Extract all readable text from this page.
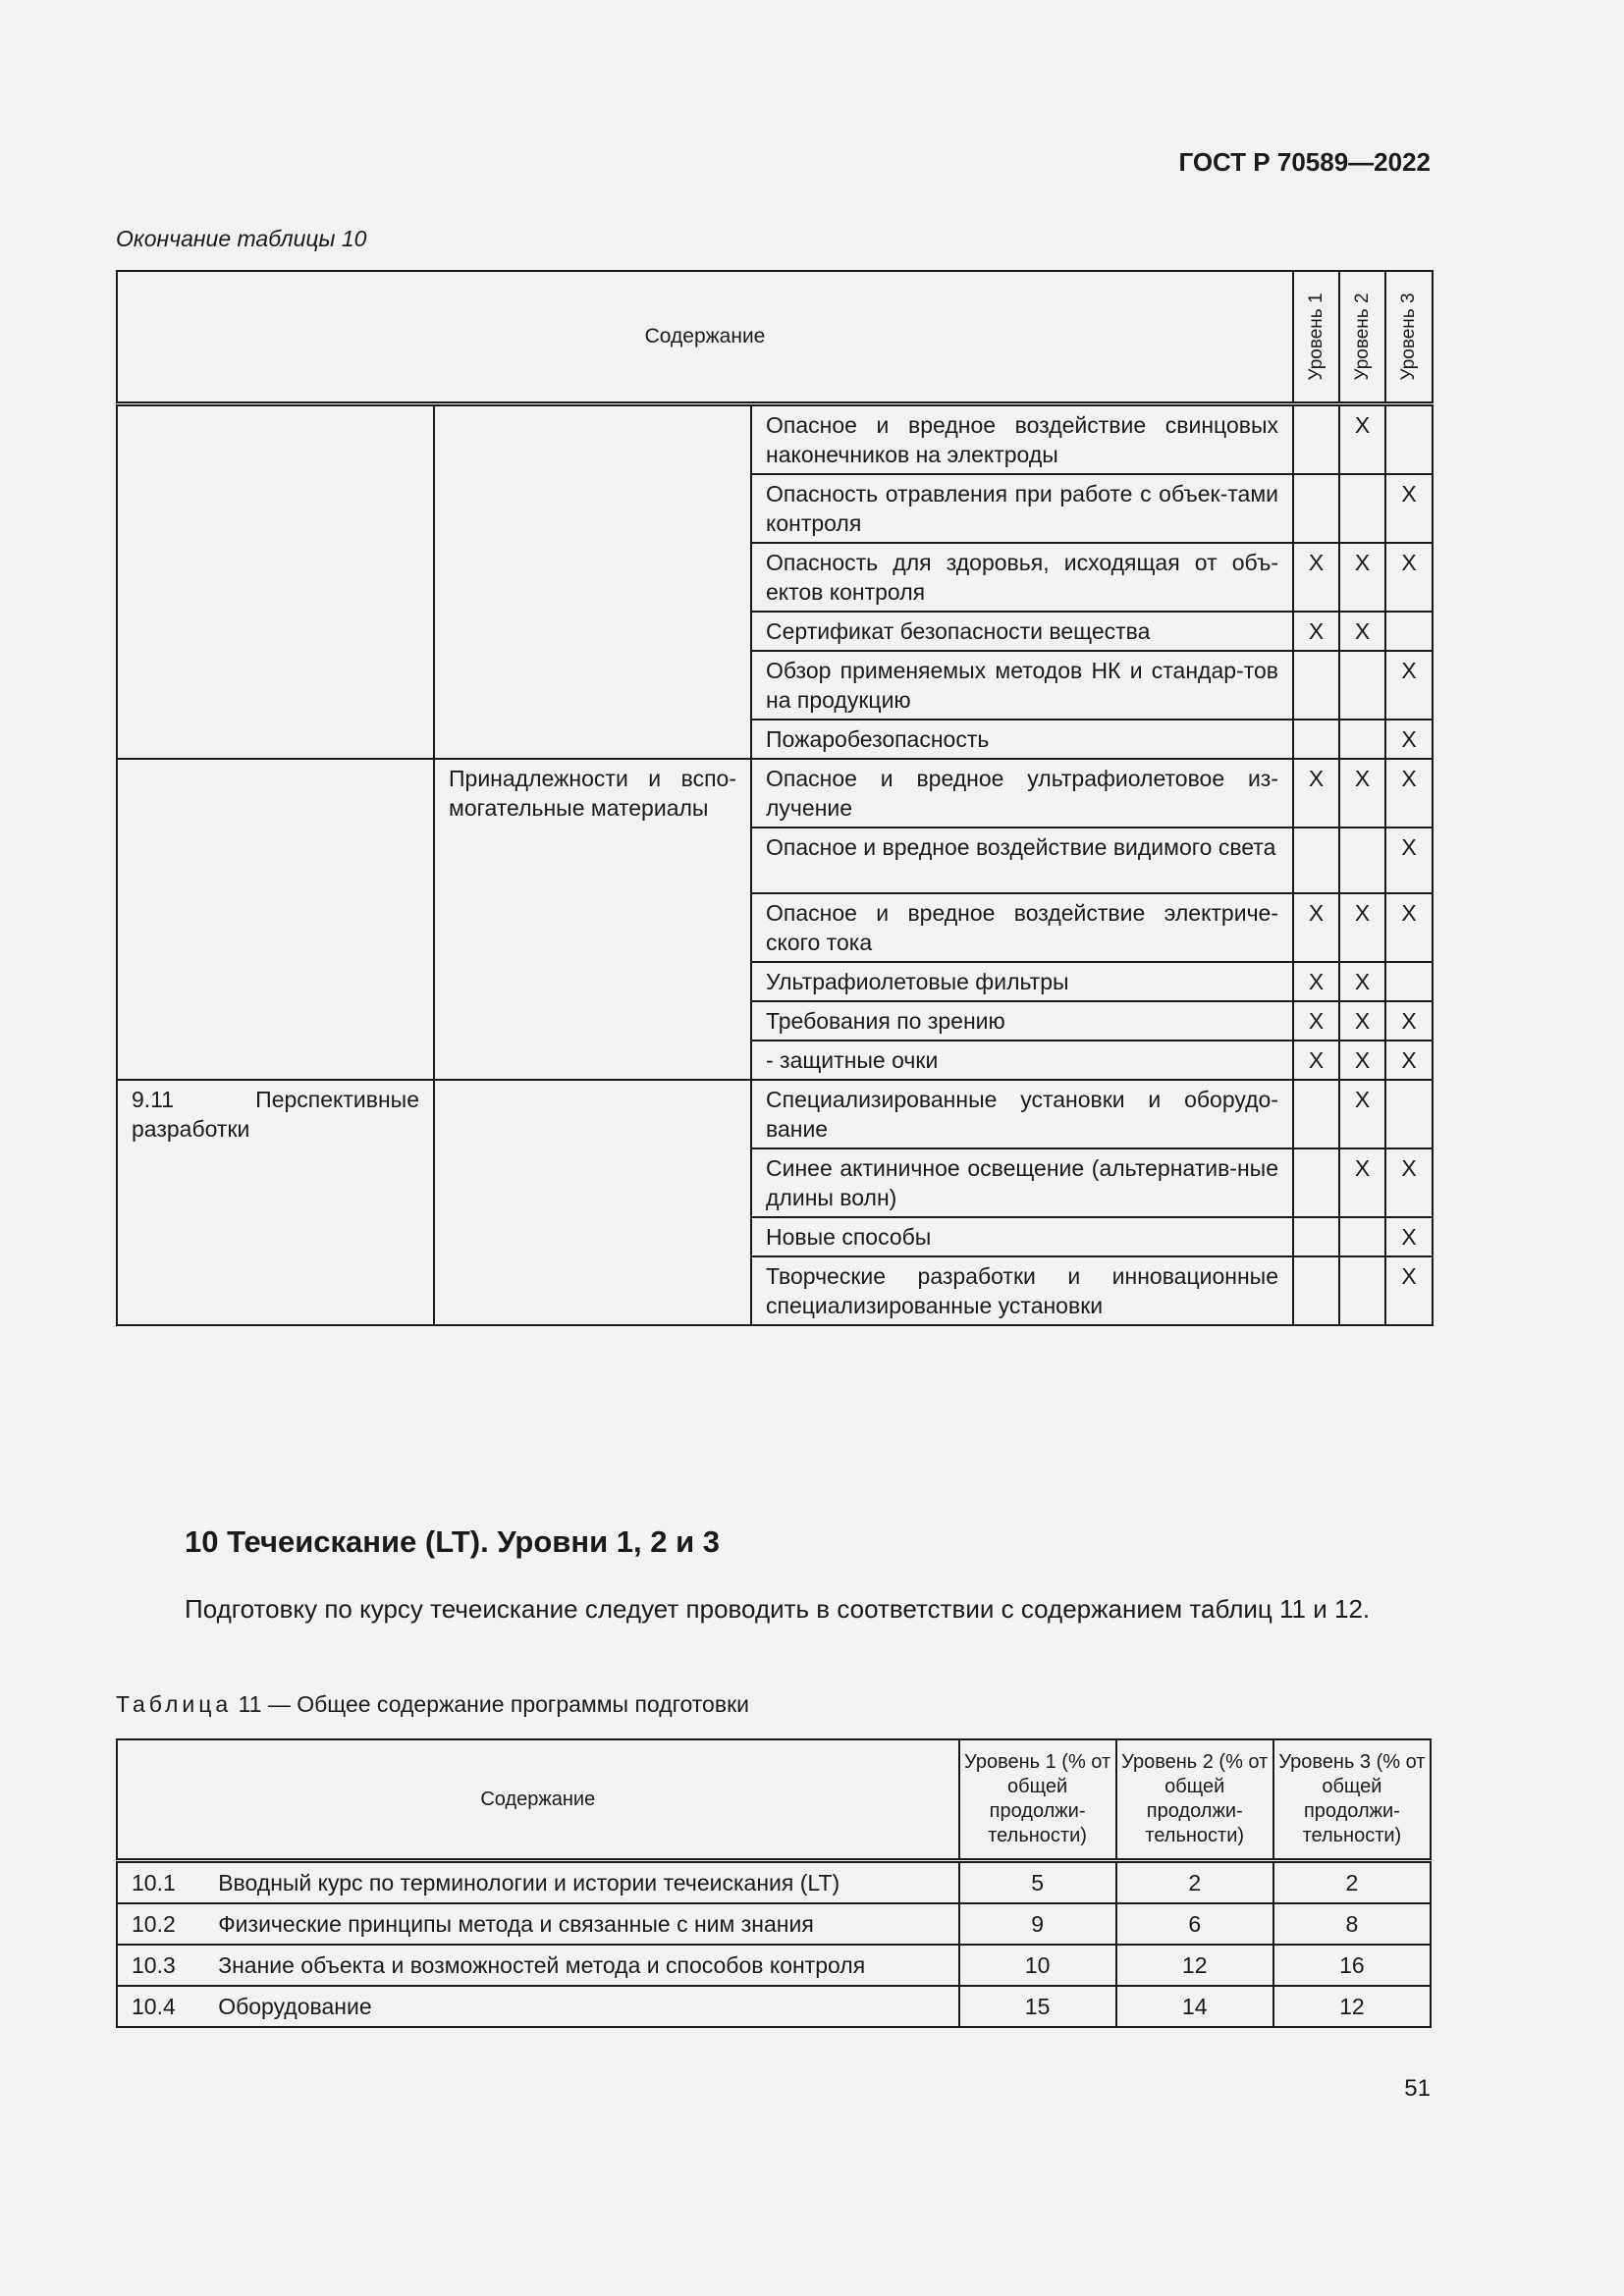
ГОСТ Р 70589—2022
Окончание таблицы 10
Содержание			Уровень 1	Уровень 2	Уровень 3

		Опасное и вредное воздействие свинцовых наконечников на электроды		X	
		Опасность отравления при работе с объек-тами контроля			X
		Опасность для здоровья, исходящая от объ-ектов контроля	X	X	X
		Сертификат безопасности вещества	X	X	
		Обзор применяемых методов НК и стандар-тов на продукцию			X
		Пожаробезопасность			X
	Принадлежности и вспо-могательные материалы	Опасное и вредное ультрафиолетовое из-лучение	X	X	X
		Опасное и вредное воздействие видимого света			X
		Опасное и вредное воздействие электриче-ского тока	X	X	X
		Ультрафиолетовые фильтры	X	X	
		Требования по зрению	X	X	X
		- защитные очки	X	X	X
9.11 Перспективные разработки		Специализированные установки и оборудо-вание		X	
		Синее актиничное освещение (альтернатив-ные длины волн)		X	X
		Новые способы			X
		Творческие разработки и инновационные специализированные установки			X
10 Течеискание (LT). Уровни 1, 2 и 3
Подготовку по курсу течеискание следует проводить в соответствии с содержанием таблиц 11 и 12.
Таблица 11 — Общее содержание программы подготовки
Содержание		Уровень 1 (% от общей продолжи-тельности)	Уровень 2 (% от общей продолжи-тельности)	Уровень 3 (% от общей продолжи-тельности)
10.1	Вводный курс по терминологии и истории течеискания (LT)	5	2	2
10.2	Физические принципы метода и связанные с ним знания	9	6	8
10.3	Знание объекта и возможностей метода и способов контроля	10	12	16
10.4	Оборудование	15	14	12
51
